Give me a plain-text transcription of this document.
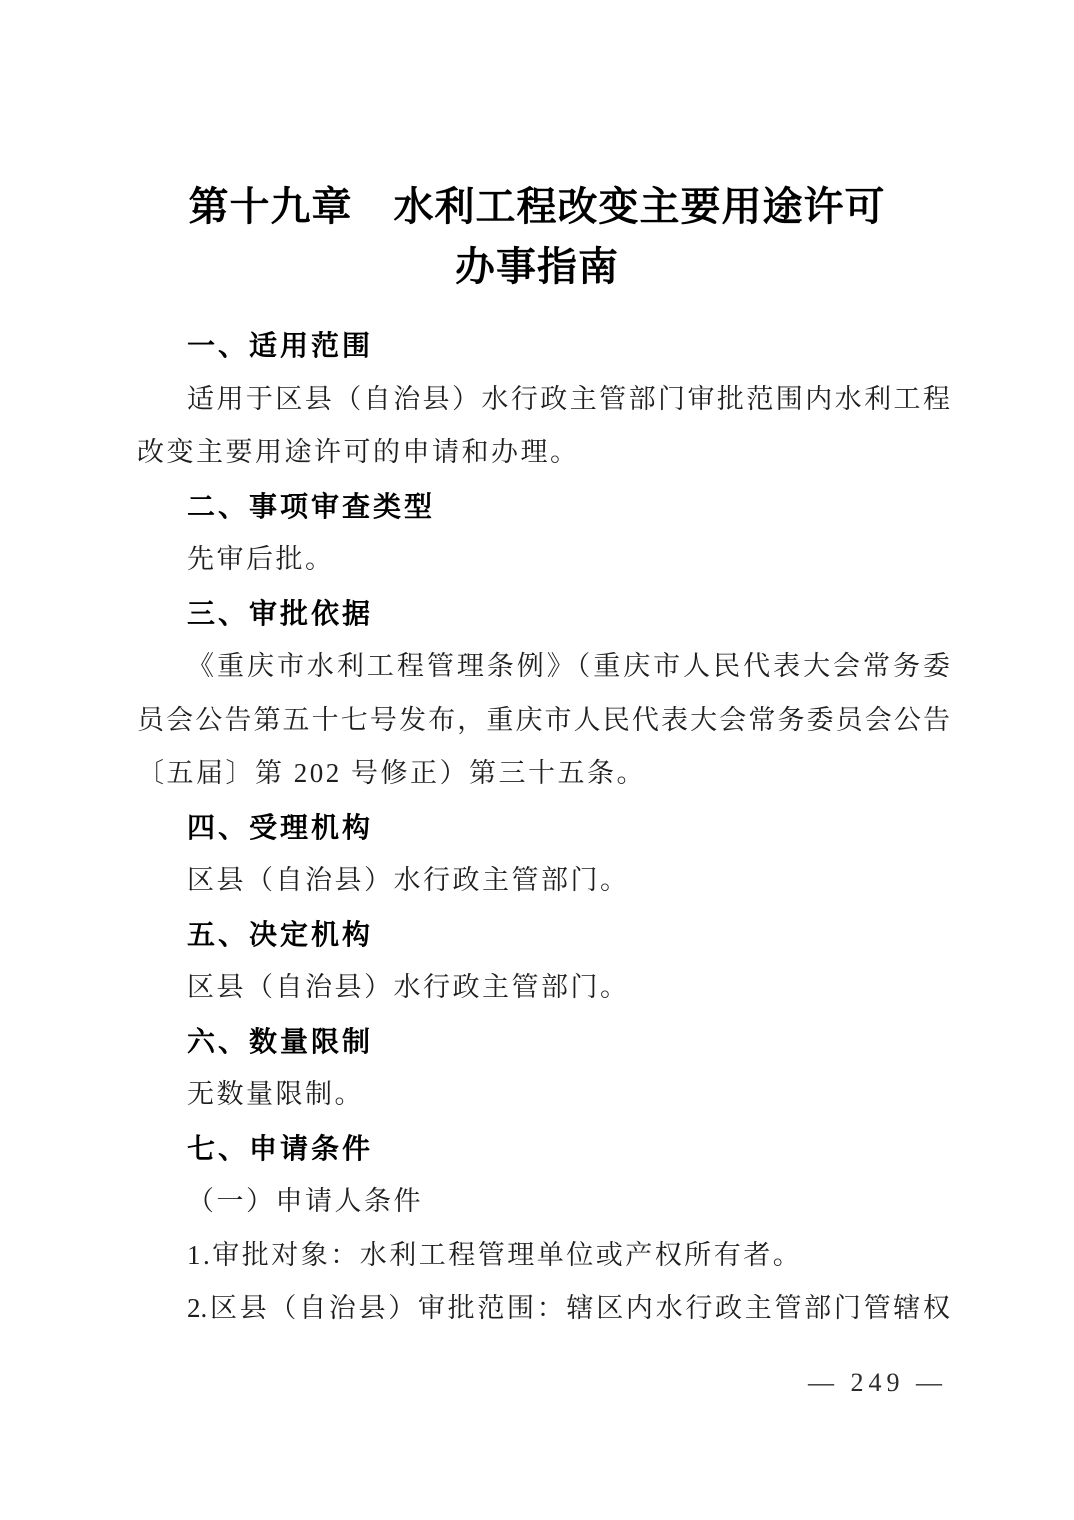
第十九章　水利工程改变主要用途许可
办事指南
一、适用范围
适用于区县（自治县）水行政主管部门审批范围内水利工程
改变主要用途许可的申请和办理。
二、事项审查类型
先审后批。
三、审批依据
《重庆市水利工程管理条例》（重庆市人民代表大会常务委
员会公告第五十七号发布，重庆市人民代表大会常务委员会公告
〔五届〕第 202 号修正）第三十五条。
四、受理机构
区县（自治县）水行政主管部门。
五、决定机构
区县（自治县）水行政主管部门。
六、数量限制
无数量限制。
七、申请条件
（一）申请人条件
1.审批对象：水利工程管理单位或产权所有者。
2.区县（自治县）审批范围：辖区内水行政主管部门管辖权
— 249 —
